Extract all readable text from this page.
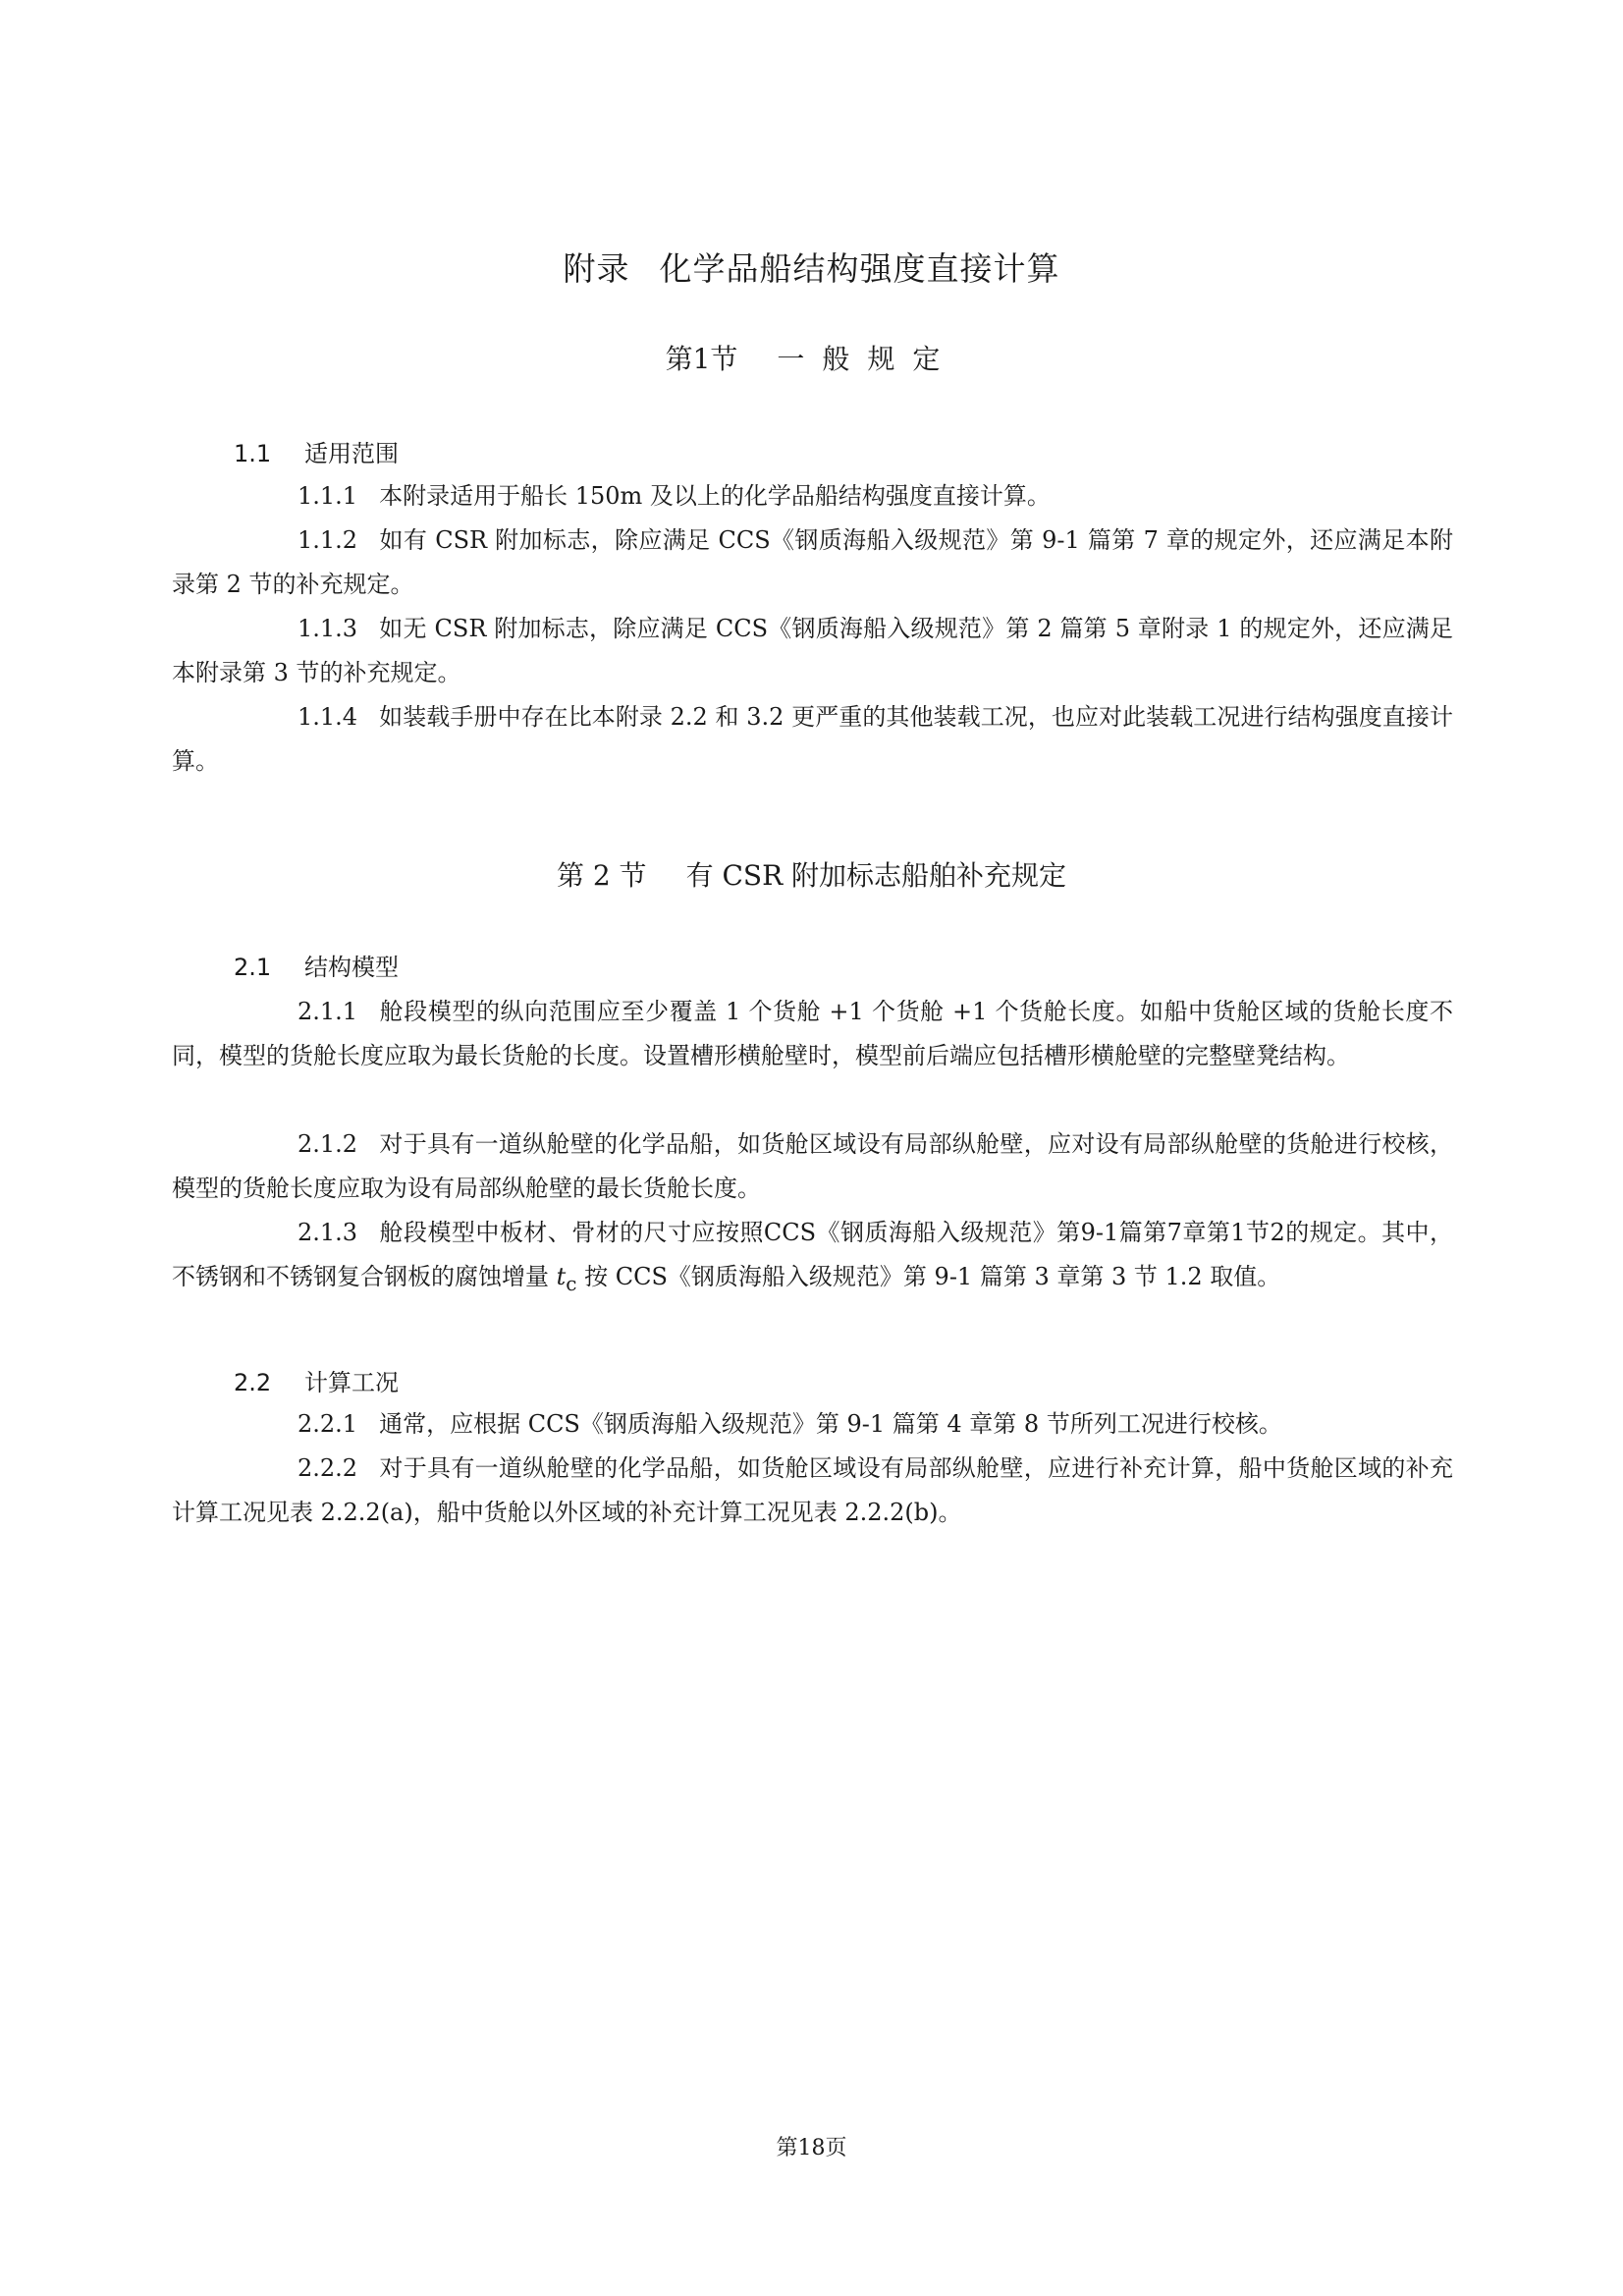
附录 化学品船结构强度直接计算
第1节 一般规定
1.1 适用范围
1.1.1 本附录适用于船长 150m 及以上的化学品船结构强度直接计算。
1.1.2 如有 CSR 附加标志，除应满足 CCS《钢质海船入级规范》第 9-1 篇第 7 章的规定外，还应满足本附录第 2 节的补充规定。
1.1.3 如无 CSR 附加标志，除应满足 CCS《钢质海船入级规范》第 2 篇第 5 章附录 1 的规定外，还应满足本附录第 3 节的补充规定。
1.1.4 如装载手册中存在比本附录 2.2 和 3.2 更严重的其他装载工况，也应对此装载工况进行结构强度直接计算。
第 2 节 有 CSR 附加标志船舶补充规定
2.1 结构模型
2.1.1 舱段模型的纵向范围应至少覆盖 1 个货舱 +1 个货舱 +1 个货舱长度。如船中货舱区域的货舱长度不同，模型的货舱长度应取为最长货舱的长度。设置槽形横舱壁时，模型前后端应包括槽形横舱壁的完整壁凳结构。
2.1.2 对于具有一道纵舱壁的化学品船，如货舱区域设有局部纵舱壁，应对设有局部纵舱壁的货舱进行校核，模型的货舱长度应取为设有局部纵舱壁的最长货舱长度。
2.1.3 舱段模型中板材、骨材的尺寸应按照CCS《钢质海船入级规范》第9-1篇第7章第1节2的规定。其中，不锈钢和不锈钢复合钢板的腐蚀增量 $t_c$ 按 CCS《钢质海船入级规范》第 9-1 篇第 3 章第 3 节 1.2 取值。
2.2 计算工况
2.2.1 通常，应根据 CCS《钢质海船入级规范》第 9-1 篇第 4 章第 8 节所列工况进行校核。
2.2.2 对于具有一道纵舱壁的化学品船，如货舱区域设有局部纵舱壁，应进行补充计算，船中货舱区域的补充计算工况见表 2.2.2(a)，船中货舱以外区域的补充计算工况见表 2.2.2(b)。
第18页
